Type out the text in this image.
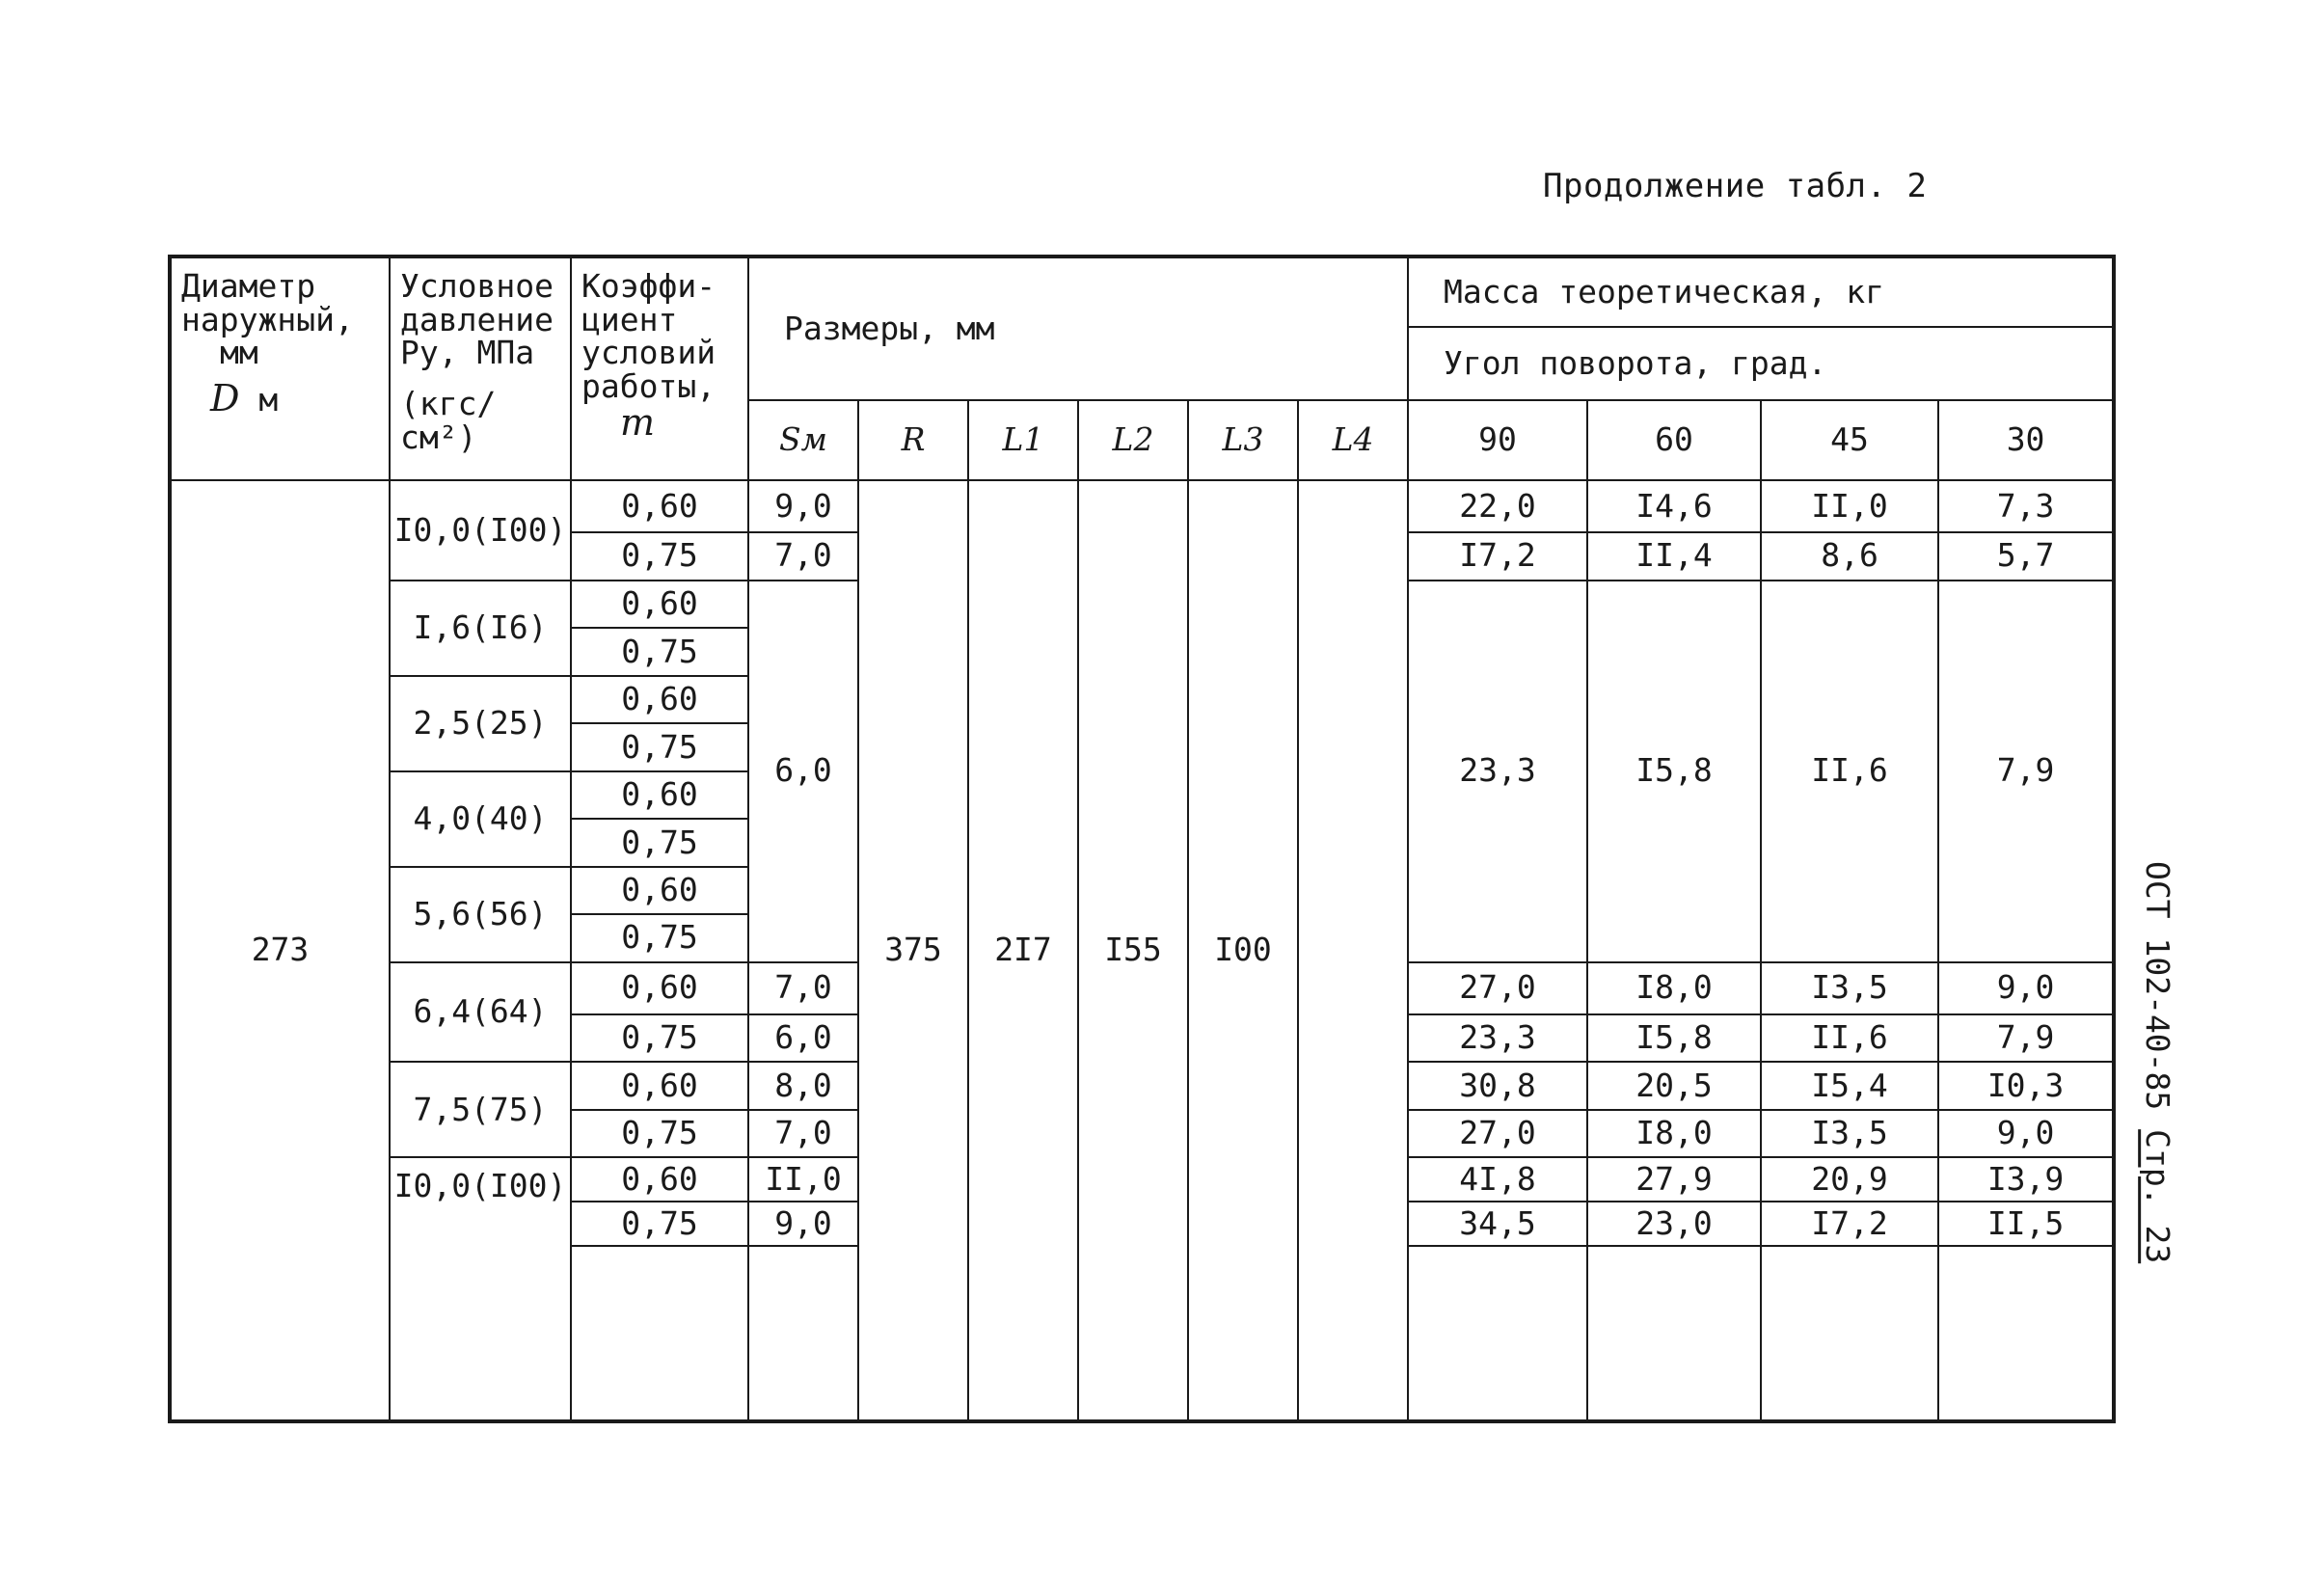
Продолжение табл. 2
ОСТ 102-40-85 Стр. 23
Диаметр
наружный,
мм
D м	Условное
давление
Ру, МПа
(кгс/см²)	Коэффи-
циент
условий
работы,
m	Размеры, мм						Масса теоретическая, кг			
									Угол поворота, град.			
			Sм	R	L1	L2	L3	L4	90	60	45	30
273	I0,0(I00)	0,60	9,0	375	2I7	I55	I00		22,0	I4,6	II,0	7,3
		0,75	7,0						I7,2	II,4	8,6	5,7
	I,6(I6)	0,60	6,0						23,3	I5,8	II,6	7,9
		0,75										
	2,5(25)	0,60										
		0,75										
	4,0(40)	0,60										
		0,75										
	5,6(56)	0,60										
		0,75										
	6,4(64)	0,60	7,0						27,0	I8,0	I3,5	9,0
		0,75	6,0						23,3	I5,8	II,6	7,9
	7,5(75)	0,60	8,0						30,8	20,5	I5,4	I0,3
		0,75	7,0						27,0	I8,0	I3,5	9,0
	I0,0(I00)	0,60	II,0						4I,8	27,9	20,9	I3,9
		0,75	9,0						34,5	23,0	I7,2	II,5
